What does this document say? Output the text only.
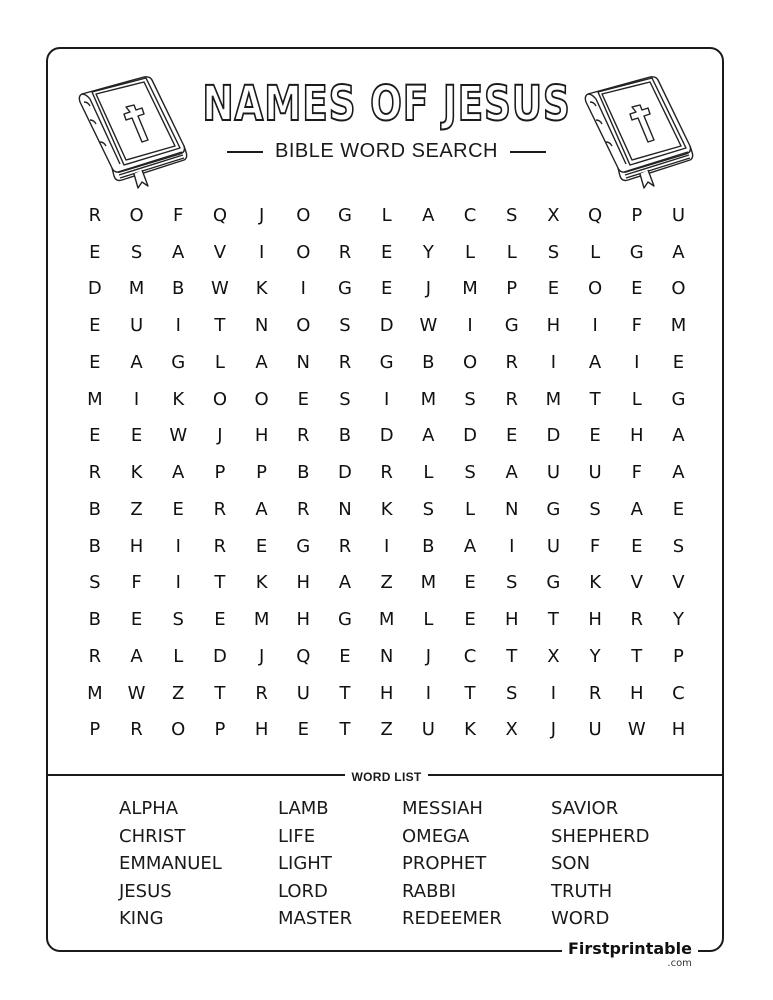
NAMES OF JESUS
BIBLE WORD SEARCH
R	O	F	Q	J	O	G	L	A	C	S	X	Q	P	U
E	S	A	V	I	O	R	E	Y	L	L	S	L	G	A
D	M	B	W	K	I	G	E	J	M	P	E	O	E	O
E	U	I	T	N	O	S	D	W	I	G	H	I	F	M
E	A	G	L	A	N	R	G	B	O	R	I	A	I	E
M	I	K	O	O	E	S	I	M	S	R	M	T	L	G
E	E	W	J	H	R	B	D	A	D	E	D	E	H	A
R	K	A	P	P	B	D	R	L	S	A	U	U	F	A
B	Z	E	R	A	R	N	K	S	L	N	G	S	A	E
B	H	I	R	E	G	R	I	B	A	I	U	F	E	S
S	F	I	T	K	H	A	Z	M	E	S	G	K	V	V
B	E	S	E	M	H	G	M	L	E	H	T	H	R	Y
R	A	L	D	J	Q	E	N	J	C	T	X	Y	T	P
M	W	Z	T	R	U	T	H	I	T	S	I	R	H	C
P	R	O	P	H	E	T	Z	U	K	X	J	U	W	H
WORD LIST
ALPHA	LAMB	MESSIAH	SAVIOR
CHRIST	LIFE	OMEGA	SHEPHERD
EMMANUEL	LIGHT	PROPHET	SON
JESUS	LORD	RABBI	TRUTH
KING	MASTER	REDEEMER	WORD
Firstprintable
.com
